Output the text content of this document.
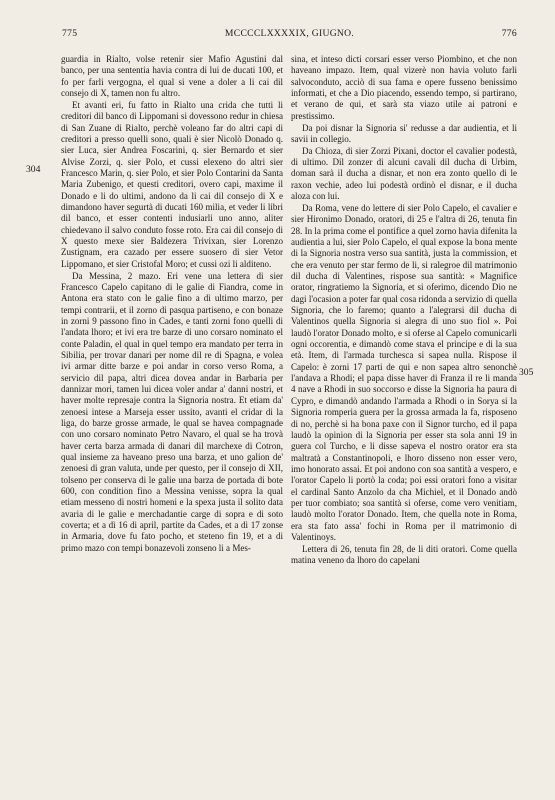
775	MCCCCLXXXXIX, GIUGNO.	776
304
305

guardia in Rialto, volse retenir sier Mafio Agustini dal banco, per una sententia havia contra di lui de ducati 100, et fo per farli vergogna, el qual si vene a doler a li cai dil consejo di X, tamen non fu altro.

Et avanti eri, fu fatto in Rialto una crida che tutti li creditori dil banco di Lippomani si dovessono redur in chiesa di San Zuane di Rialto, perchè voleano far do altri capi di creditori a presso quelli sono, quali è sier Nicolò Donado q. sier Luca, sier Andrea Foscarini, q. sier Bernardo et sier Alvise Zorzi, q. sier Polo, et cussi elexeno do altri sier Francesco Marin, q. sier Polo, et sier Polo Contarini da Santa Maria Zubenigo, et questi creditori, overo capi, maxime il Donado e li do ultimi, andono da li cai dil consejo di X e dimandono haver segurtà di ducati 160 milia, et veder li libri dil banco, et esser contenti indusiarli uno anno, aliter chiedevano il salvo conduto fosse roto. Era cai dil consejo di X questo mexe sier Baldezera Trivixan, sier Lorenzo Zustignam, era cazado per essere suosero di sier Vetor Lippomano, et sier Cristofal Moro; et cussi ozi li alditeno.

Da Messina, 2 mazo. Eri vene una lettera di sier Francesco Capelo capitano di le galie di Fiandra, come in Antona era stato con le galie fino a dì ultimo marzo, per tempi contrarii, et il zorno di pasqua partiseno, e con bonaze in zorni 9 passono fino in Cades, e tanti zorni fono quelli di l'andata lhoro; et ivi era tre barze di uno corsaro nominato el conte Paladin, el qual in quel tempo era mandato per terra in Sibilia, per trovar danari per nome dil re di Spagna, e volea ivi armar ditte barze e poi andar in corso verso Roma, a servicio dil papa, altri dicea dovea andar in Barbaria per dannizar mori, tamen lui dicea voler andar a' danni nostri, et haver molte represaje contra la Signoria nostra. Et etiam da' zenoesi intese a Marseja esser ussito, avanti el cridar di la liga, do barze grosse armade, le qual se havea compagnade con uno corsaro nominato Petro Navaro, el qual se ha trovà haver certa barza armada di danari dil marchexe di Cotron, qual insieme za haveano preso una barza, et uno galion de' zenoesi di gran valuta, unde per questo, per il consejo di XII, tolseno per conserva di le galie una barza de portada di bote 600, con condition fino a Messina venisse, sopra la qual etiam messeno di nostri homeni e la spexa justa il solito data avaria di le galie e merchadantie carge di sopra e di soto coverta; et a dì 16 di april, partite da Cades, et a dì 17 zonse in Armaria, dove fu fato pocho, et steteno fin 19, et a di primo mazo con tempi bonazevoli zonseno li a Mes-

sina, et inteso dicti corsari esser verso Piombino, et che non haveano impazo. Item, qual vizerè non havia voluto farli salvoconduto, acciò di sua fama e opere fusseno benissimo informati, et che a Dio piacendo, essendo tempo, si partirano, et verano de qui, et sarà sta viazo utile ai patroni e prestissimo.

Da poi disnar la Signoria si' redusse a dar audientia, et li savii in collegio.

Da Chioza, di sier Zorzi Pixani, doctor el cavalier podestà, di ultimo. Dil zonzer di alcuni cavali dil ducha di Urbim, doman sarà il ducha a disnar, et non era zonto quello di le raxon vechie, adeo lui podestà ordinò el disnar, e il ducha aloza con lui.

Da Roma, vene do lettere di sier Polo Capelo, el cavalier e sier Hironimo Donado, oratori, di 25 e l'altra di 26, tenuta fin 28. In la prima come el pontifice a quel zorno havia difenita la audientia a lui, sier Polo Capelo, el qual expose la bona mente di la Signoria nostra verso sua santità, justa la commission, et che era venuto per star fermo de li, si ralegroe dil matrimonio dil ducha di Valentines, rispose sua santità: « Magnifice orator, ringratiemo la Signoria, et si oferimo, dicendo Dio ne dagi l'ocasion a poter far qual cosa ridonda a servizio di quella Signoria, che lo faremo; quanto a l'alegrarsi dil ducha di Valentinos quella Signoria si alegra di uno suo fiol ». Poi laudò l'orator Donado molto, e si oferse al Capelo comunicarli ogni occorentia, e dimandò come stava el principe e di la sua età. Item, di l'armada turchesca si sapea nulla. Rispose il Capelo: è zorni 17 parti de qui e non sapea altro senonchè l'andava a Rhodi; el papa disse haver di Franza il re li manda 4 nave a Rhodi in suo soccorso e disse la Signoria ha paura di Cypro, e dimandò andando l'armada a Rhodi o in Sorya si la Signoria romperia guera per la grossa armada la fa, risposeno di no, perchè si ha bona paxe con il Signor turcho, ed il papa laudò la opinion di la Signoria per esser sta sola anni 19 in guera col Turcho, e li disse sapeva el nostro orator era sta maltratà a Constantinopoli, e lhoro disseno non esser vero, imo honorato assai. Et poi andono con soa santità a vespero, e l'orator Capelo li portò la coda; poi essi oratori fono a visitar el cardinal Santo Anzolo da cha Michiel, et il Donado andò per tuor combiato; soa santità si oferse, come vero venitiam, laudò molto l'orator Donado. Item, che quella note in Roma, era sta fato assa' fochi in Roma per il matrimonio di Valentinoys.

Lettera di 26, tenuta fin 28, de li diti oratori. Come quella matina veneno da lhoro do capelani
